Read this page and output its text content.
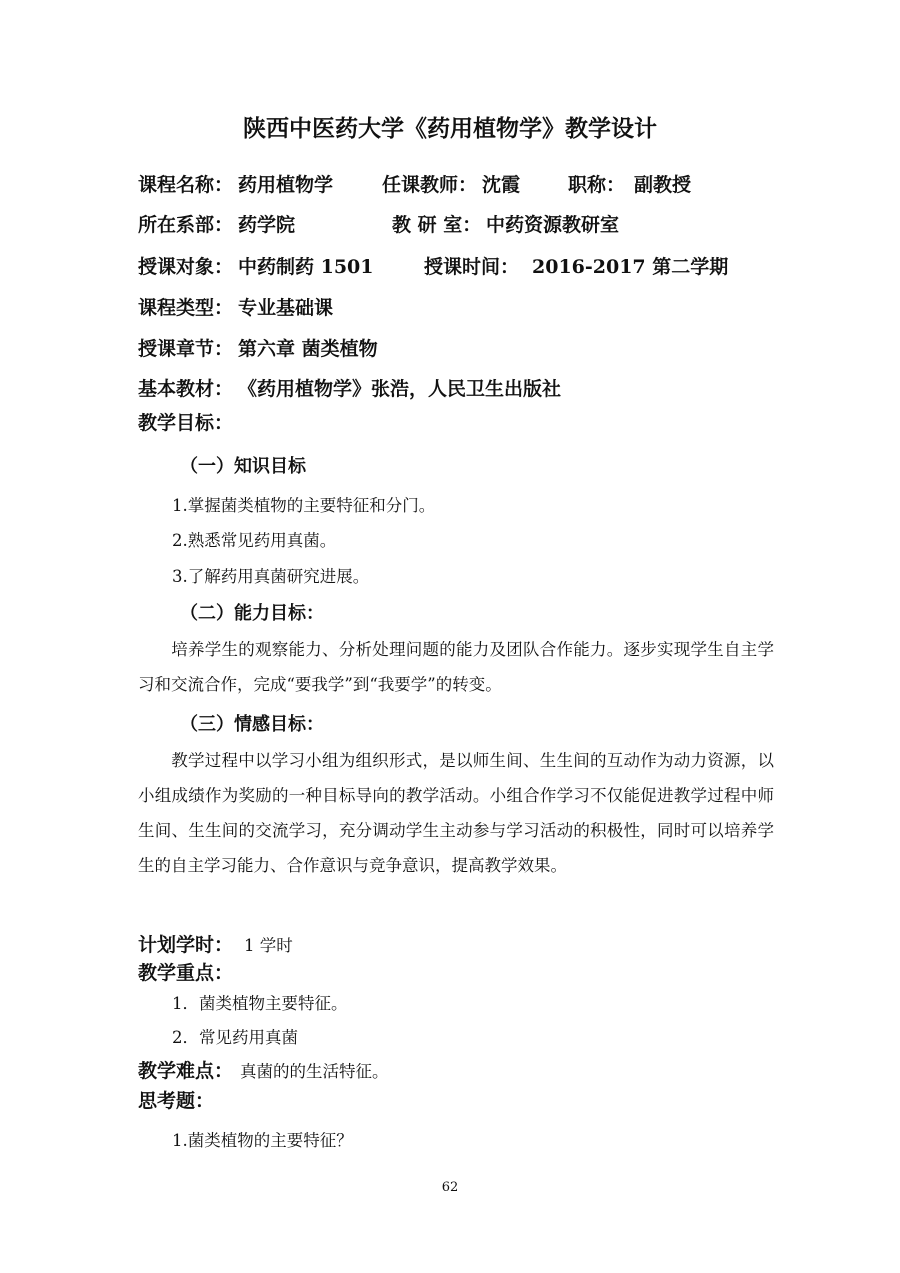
陕西中医药大学《药用植物学》教学设计
课程名称： 药用植物学	任课教师： 沈霞	职称： 副教授
所在系部： 药学院	教 研 室： 中药资源教研室
授课对象： 中药制药 1501	授课时间： 2016-2017 第二学期
课程类型： 专业基础课
授课章节： 第六章 菌类植物
基本教材： 《药用植物学》张浩，人民卫生出版社
教学目标：
（一）知识目标
1.掌握菌类植物的主要特征和分门。
2.熟悉常见药用真菌。
3.了解药用真菌研究进展。
（二）能力目标：
培养学生的观察能力、分析处理问题的能力及团队合作能力。逐步实现学生自主学习和交流合作，完成“要我学”到“我要学”的转变。
（三）情感目标：
教学过程中以学习小组为组织形式，是以师生间、生生间的互动作为动力资源，以小组成绩作为奖励的一种目标导向的教学活动。小组合作学习不仅能促进教学过程中师生间、生生间的交流学习，充分调动学生主动参与学习活动的积极性，同时可以培养学生的自主学习能力、合作意识与竞争意识，提高教学效果。
计划学时： 1 学时
教学重点：
1．菌类植物主要特征。
2．常见药用真菌
教学难点： 真菌的的生活特征。
思考题：
1.菌类植物的主要特征？
62
